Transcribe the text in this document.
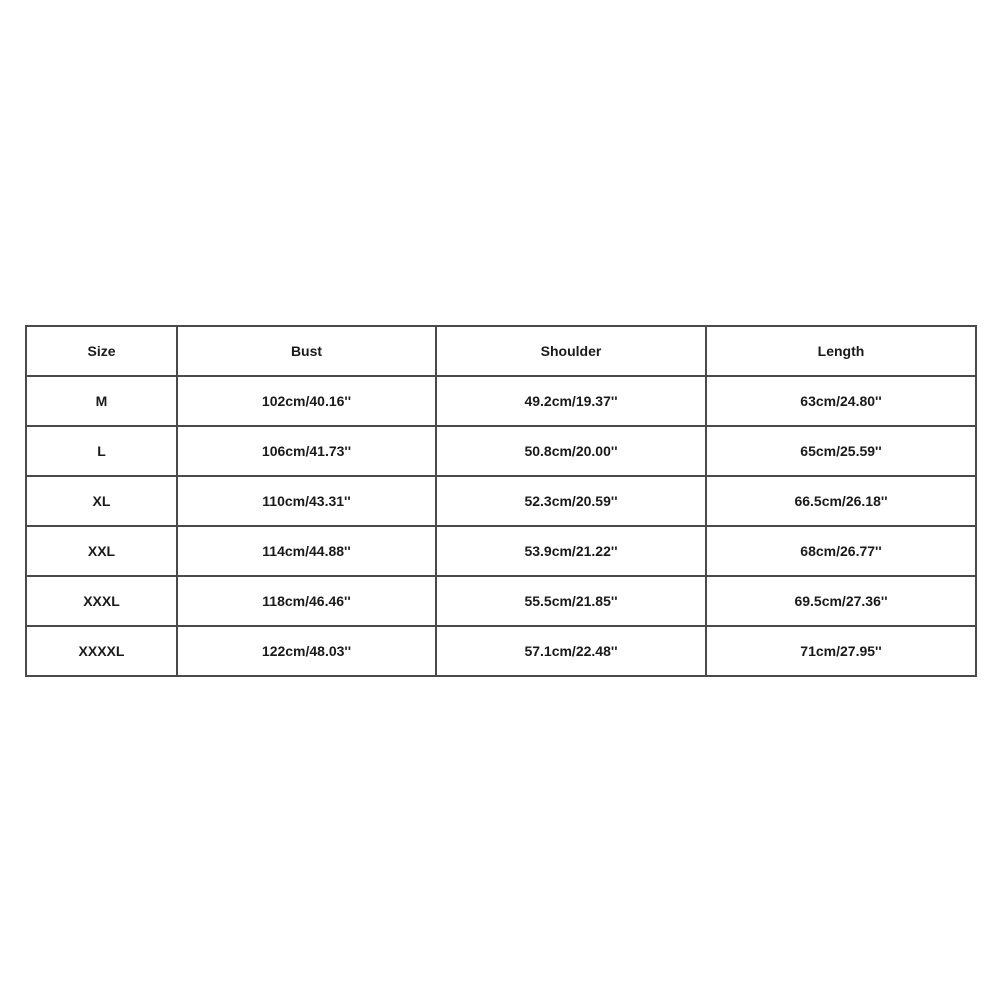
Size	Bust	Shoulder	Length
M	102cm/40.16''	49.2cm/19.37''	63cm/24.80''
L	106cm/41.73''	50.8cm/20.00''	65cm/25.59''
XL	110cm/43.31''	52.3cm/20.59''	66.5cm/26.18''
XXL	114cm/44.88''	53.9cm/21.22''	68cm/26.77''
XXXL	118cm/46.46''	55.5cm/21.85''	69.5cm/27.36''
XXXXL	122cm/48.03''	57.1cm/22.48''	71cm/27.95''
